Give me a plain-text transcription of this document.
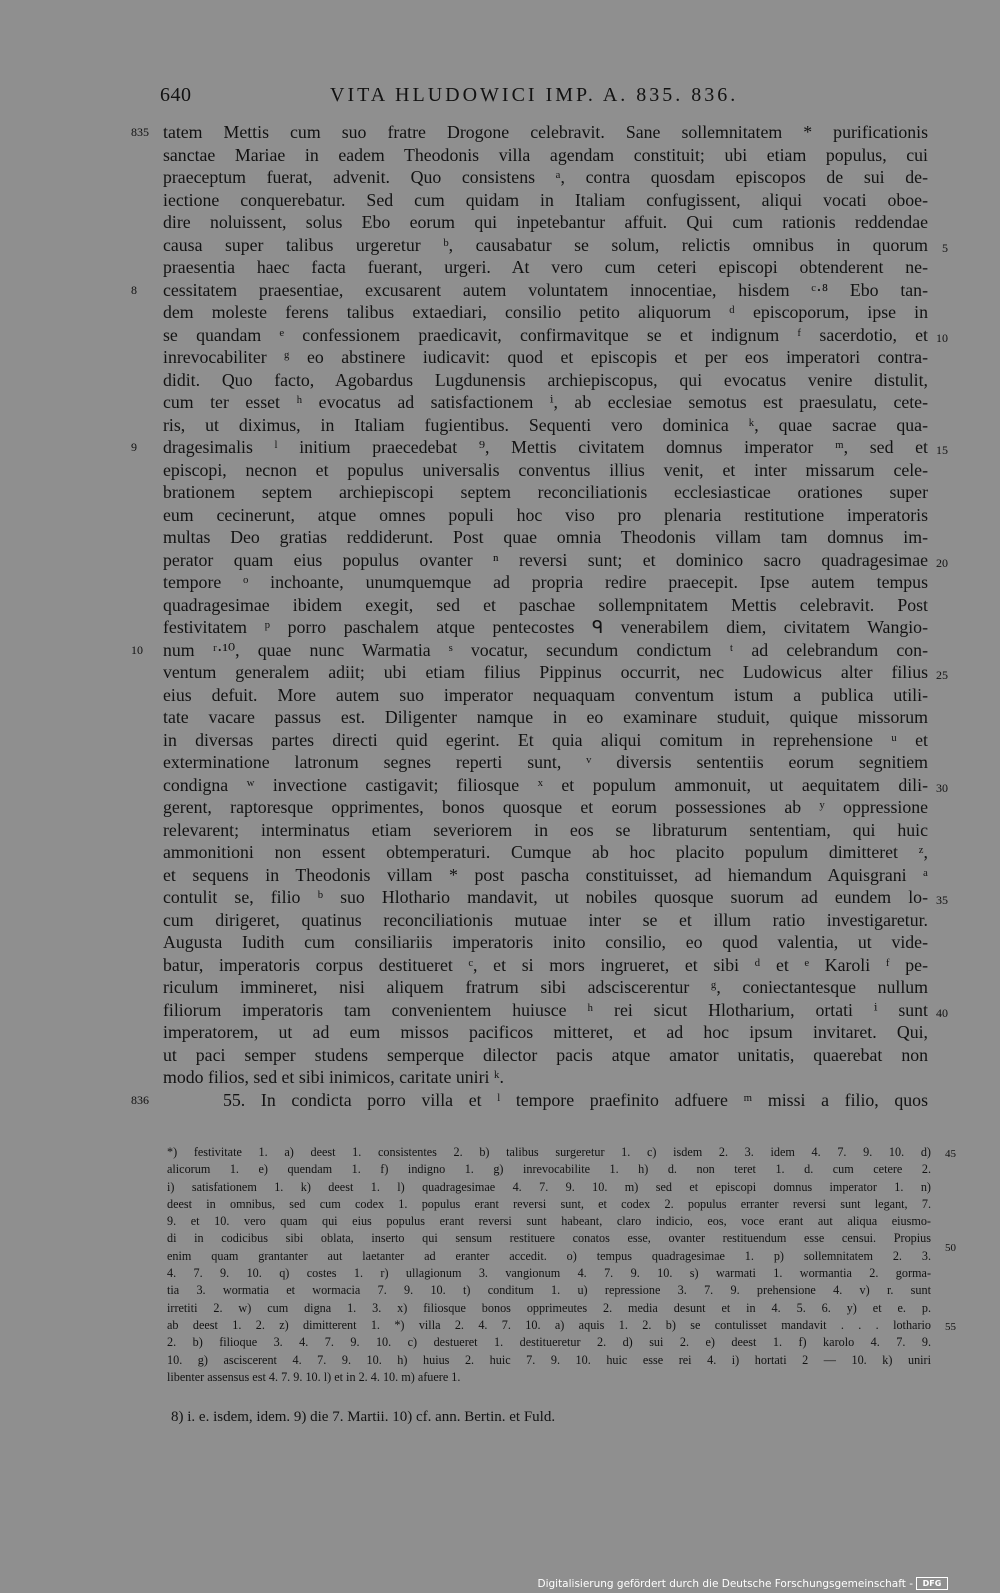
640	VITA HLUDOWICI IMP. A. 835. 836.
tatem Mettis cum suo fratre Drogone celebravit. Sane sollemnitatem * purificationis
835
sanctae Mariae in eadem Theodonis villa agendam constituit; ubi etiam populus, cui
praeceptum fuerat, advenit. Quo consistens ᵃ, contra quosdam episcopos de sui de-
iectione conquerebatur. Sed cum quidam in Italiam confugissent, aliqui vocati oboe-
dire noluissent, solus Ebo eorum qui inpetebantur affuit. Qui cum rationis reddendae
causa super talibus urgeretur ᵇ, causabatur se solum, relictis omnibus in quorum 5
praesentia haec facta fuerant, urgeri. At vero cum ceteri episcopi obtenderent ne-
cessitatem praesentiae, excusarent autem voluntatem innocentiae, hisdem ᶜ·⁸ Ebo tan-
8
dem moleste ferens talibus extaediari, consilio petito aliquorum ᵈ episcoporum, ipse in
se quandam ᵉ confessionem praedicavit, confirmavitque se et indignum ᶠ sacerdotio, et 10
inrevocabiliter ᵍ eo abstinere iudicavit: quod et episcopis et per eos imperatori contra-
didit. Quo facto, Agobardus Lugdunensis archiepiscopus, qui evocatus venire distulit,
cum ter esset ʰ evocatus ad satisfactionem ⁱ, ab ecclesiae semotus est praesulatu, cete-
ris, ut diximus, in Italiam fugientibus. Sequenti vero dominica ᵏ, quae sacrae qua-
dragesimalis ˡ initium praecedebat ⁹, Mettis civitatem domnus imperator ᵐ, sed et
9	15
episcopi, necnon et populus universalis conventus illius venit, et inter missarum cele-
brationem septem archiepiscopi septem reconciliationis ecclesiasticae orationes super
eum cecinerunt, atque omnes populi hoc viso pro plenaria restitutione imperatoris
multas Deo gratias reddiderunt. Post quae omnia Theodonis villam tam domnus im-
perator quam eius populus ovanter ⁿ reversi sunt; et dominico sacro quadragesimae 20
tempore ᵒ inchoante, unumquemque ad propria redire praecepit. Ipse autem tempus
quadragesimae ibidem exegit, sed et paschae sollempnitatem Mettis celebravit. Post
festivitatem ᵖ porro paschalem atque pentecostes ᑫ venerabilem diem, civitatem Wangio-
num ʳ·¹⁰, quae nunc Warmatia ˢ vocatur, secundum condictum ᵗ ad celebrandum con-
10
ventum generalem adiit; ubi etiam filius Pippinus occurrit, nec Ludowicus alter filius 25
eius defuit. More autem suo imperator nequaquam conventum istum a publica utili-
tate vacare passus est. Diligenter namque in eo examinare studuit, quique missorum
in diversas partes directi quid egerint. Et quia aliqui comitum in reprehensione ᵘ et
exterminatione latronum segnes reperti sunt, ᵛ diversis sententiis eorum segnitiem
condigna ʷ invectione castigavit; filiosque ˣ et populum ammonuit, ut aequitatem dili- 30
gerent, raptoresque opprimentes, bonos quosque et eorum possessiones ab ʸ oppressione
relevarent; interminatus etiam severiorem in eos se libraturum sententiam, qui huic
ammonitioni non essent obtemperaturi. Cumque ab hoc placito populum dimitteret ᶻ,
et sequens in Theodonis villam * post pascha constituisset, ad hiemandum Aquisgrani ᵃ
contulit se, filio ᵇ suo Hlothario mandavit, ut nobiles quosque suorum ad eundem lo- 35
cum dirigeret, quatinus reconciliationis mutuae inter se et illum ratio investigaretur.
Augusta Iudith cum consiliariis imperatoris inito consilio, eo quod valentia, ut vide-
batur, imperatoris corpus destitueret ᶜ, et si mors ingrueret, et sibi ᵈ et ᵉ Karoli ᶠ pe-
riculum immineret, nisi aliquem fratrum sibi adsciscerentur ᵍ, coniectantesque nullum
filiorum imperatoris tam convenientem huiusce ʰ rei sicut Hlotharium, ortati ⁱ sunt 40
imperatorem, ut ad eum missos pacificos mitteret, et ad hoc ipsum invitaret. Qui,
ut paci semper studens semperque dilector pacis atque amator unitatis, quaerebat non
modo filios, sed et sibi inimicos, caritate uniri ᵏ.
55. In condicta porro villa et ˡ tempore praefinito adfuere ᵐ missi a filio, quos
836
*) festivitate 1. a) deest 1. consistentes 2. b) talibus surgeretur 1. c) isdem 2. 3. idem 4. 7. 9. 10. d) 45
alicorum 1. e) quendam 1. f) indigno 1. g) inrevocabilite 1. h) d. non teret 1. d. cum cetere 2.
i) satisfationem 1. k) deest 1. l) quadragesimae 4. 7. 9. 10. m) sed et episcopi domnus imperator 1. n)
deest in omnibus, sed cum codex 1. populus erant reversi sunt, et codex 2. populus erranter reversi sunt legant, 7.
9. et 10. vero quam qui eius populus erant reversi sunt habeant, claro indicio, eos, voce erant aut aliqua eiusmo-
di in codicibus sibi oblata, inserto qui sensum restituere conatos esse, ovanter restituendum esse censui. Propius
50
enim quam grantanter aut laetanter ad eranter accedit. o) tempus quadragesimae 1. p) sollemnitatem 2. 3.
4. 7. 9. 10. q) costes 1. r) ullagionum 3. vangionum 4. 7. 9. 10. s) warmati 1. wormantia 2. gorma-
tia 3. wormatia et wormacia 7. 9. 10. t) conditum 1. u) repressione 3. 7. 9. prehensione 4. v) r. sunt
irretiti 2. w) cum digna 1. 3. x) filiosque bonos opprimeutes 2. media desunt et in 4. 5. 6. y) et e. p.
ab deest 1. 2. z) dimitterent 1. *) villa 2. 4. 7. 10. a) aquis 1. 2. b) se contulisset mandavit . . . lothario 55
2. b) filioque 3. 4. 7. 9. 10. c) destueret 1. destitueretur 2. d) sui 2. e) deest 1. f) karolo 4. 7. 9.
10. g) asciscerent 4. 7. 9. 10. h) huius 2. huic 7. 9. 10. huic esse rei 4. i) hortati 2 — 10. k) uniri
libenter assensus est 4. 7. 9. 10. l) et in 2. 4. 10. m) afuere 1.
8) i. e. isdem, idem. 9) die 7. Martii. 10) cf. ann. Bertin. et Fuld.
Digitalisierung gefördert durch die Deutsche Forschungsgemeinschaft -	DFG
